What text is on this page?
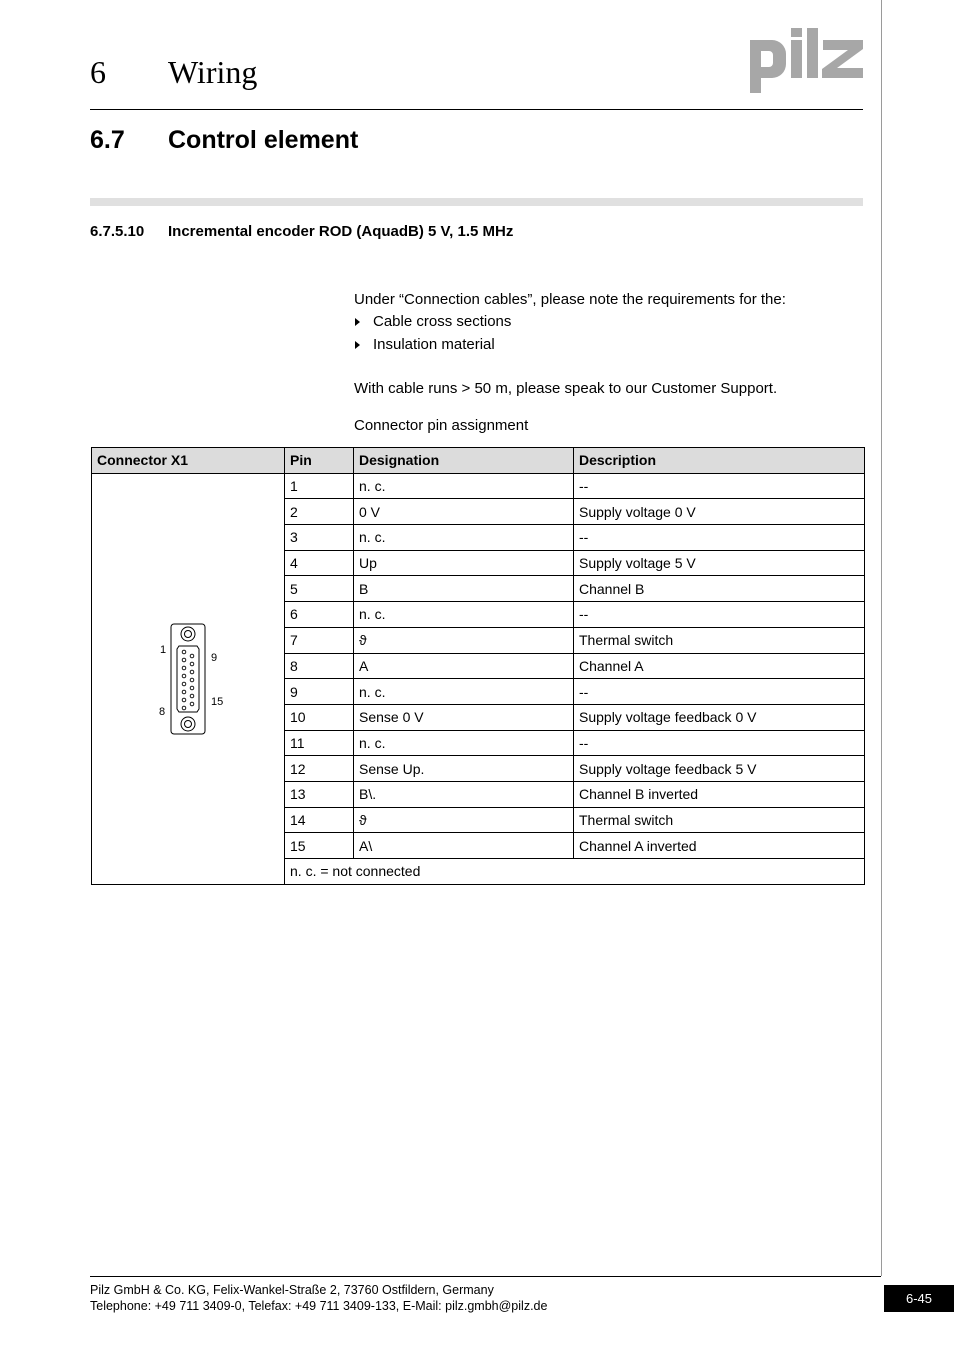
6 Wiring
pilz
6.7 Control element
6.7.5.10 Incremental encoder ROD (AquadB) 5 V, 1.5 MHz
Under “Connection cables”, please note the requirements for the:
Cable cross sections
Insulation material
With cable runs > 50 m, please speak to our Customer Support.
Connector pin assignment
Connector X1	Pin	Designation	Description

1
9
8
15	1	n. c.	--
	2	0 V	Supply voltage 0 V
	3	n. c.	--
	4	Up	Supply voltage 5 V
	5	B	Channel B
	6	n. c.	--
	7	ϑ	Thermal switch
	8	A	Channel A
	9	n. c.	--
	10	Sense 0 V	Supply voltage feedback 0 V
	11	n. c.	--
	12	Sense Up.	Supply voltage feedback 5 V
	13	B\.	Channel B inverted
	14	ϑ	Thermal switch
	15	A\	Channel A inverted
	n. c. = not connected		
Pilz GmbH & Co. KG, Felix-Wankel-Straße 2, 73760 Ostfildern, Germany
Telephone: +49 711 3409-0, Telefax: +49 711 3409-133, E-Mail: pilz.gmbh@pilz.de	6-45
